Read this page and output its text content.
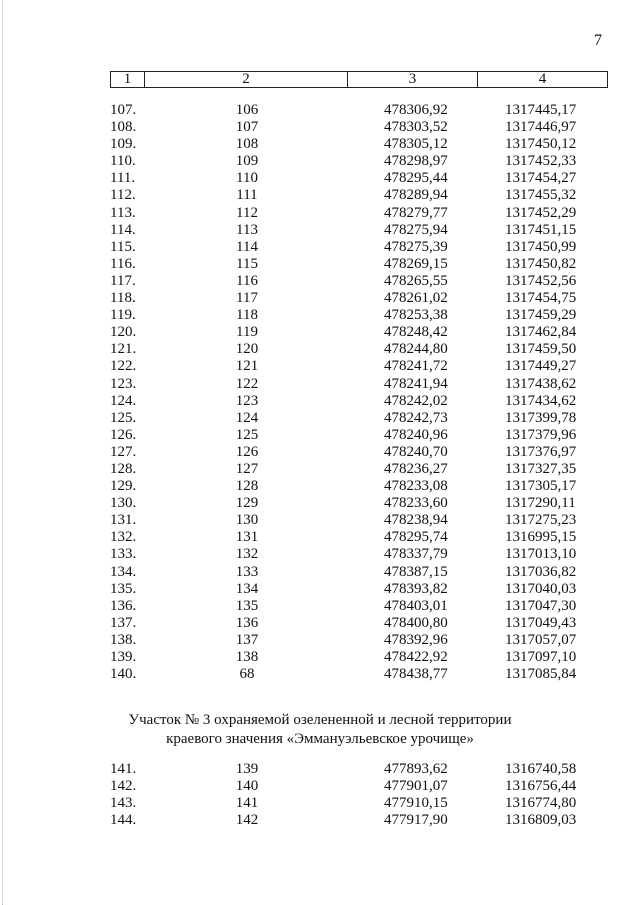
7
1	2	3	4
107.	106	478306,92	1317445,17
108.	107	478303,52	1317446,97
109.	108	478305,12	1317450,12
110.	109	478298,97	1317452,33
111.	110	478295,44	1317454,27
112.	111	478289,94	1317455,32
113.	112	478279,77	1317452,29
114.	113	478275,94	1317451,15
115.	114	478275,39	1317450,99
116.	115	478269,15	1317450,82
117.	116	478265,55	1317452,56
118.	117	478261,02	1317454,75
119.	118	478253,38	1317459,29
120.	119	478248,42	1317462,84
121.	120	478244,80	1317459,50
122.	121	478241,72	1317449,27
123.	122	478241,94	1317438,62
124.	123	478242,02	1317434,62
125.	124	478242,73	1317399,78
126.	125	478240,96	1317379,96
127.	126	478240,70	1317376,97
128.	127	478236,27	1317327,35
129.	128	478233,08	1317305,17
130.	129	478233,60	1317290,11
131.	130	478238,94	1317275,23
132.	131	478295,74	1316995,15
133.	132	478337,79	1317013,10
134.	133	478387,15	1317036,82
135.	134	478393,82	1317040,03
136.	135	478403,01	1317047,30
137.	136	478400,80	1317049,43
138.	137	478392,96	1317057,07
139.	138	478422,92	1317097,10
140.	68	478438,77	1317085,84
Участок № 3 охраняемой озелененной и лесной территории
краевого значения «Эммануэльевское урочище»
141.	139	477893,62	1316740,58
142.	140	477901,07	1316756,44
143.	141	477910,15	1316774,80
144.	142	477917,90	1316809,03
